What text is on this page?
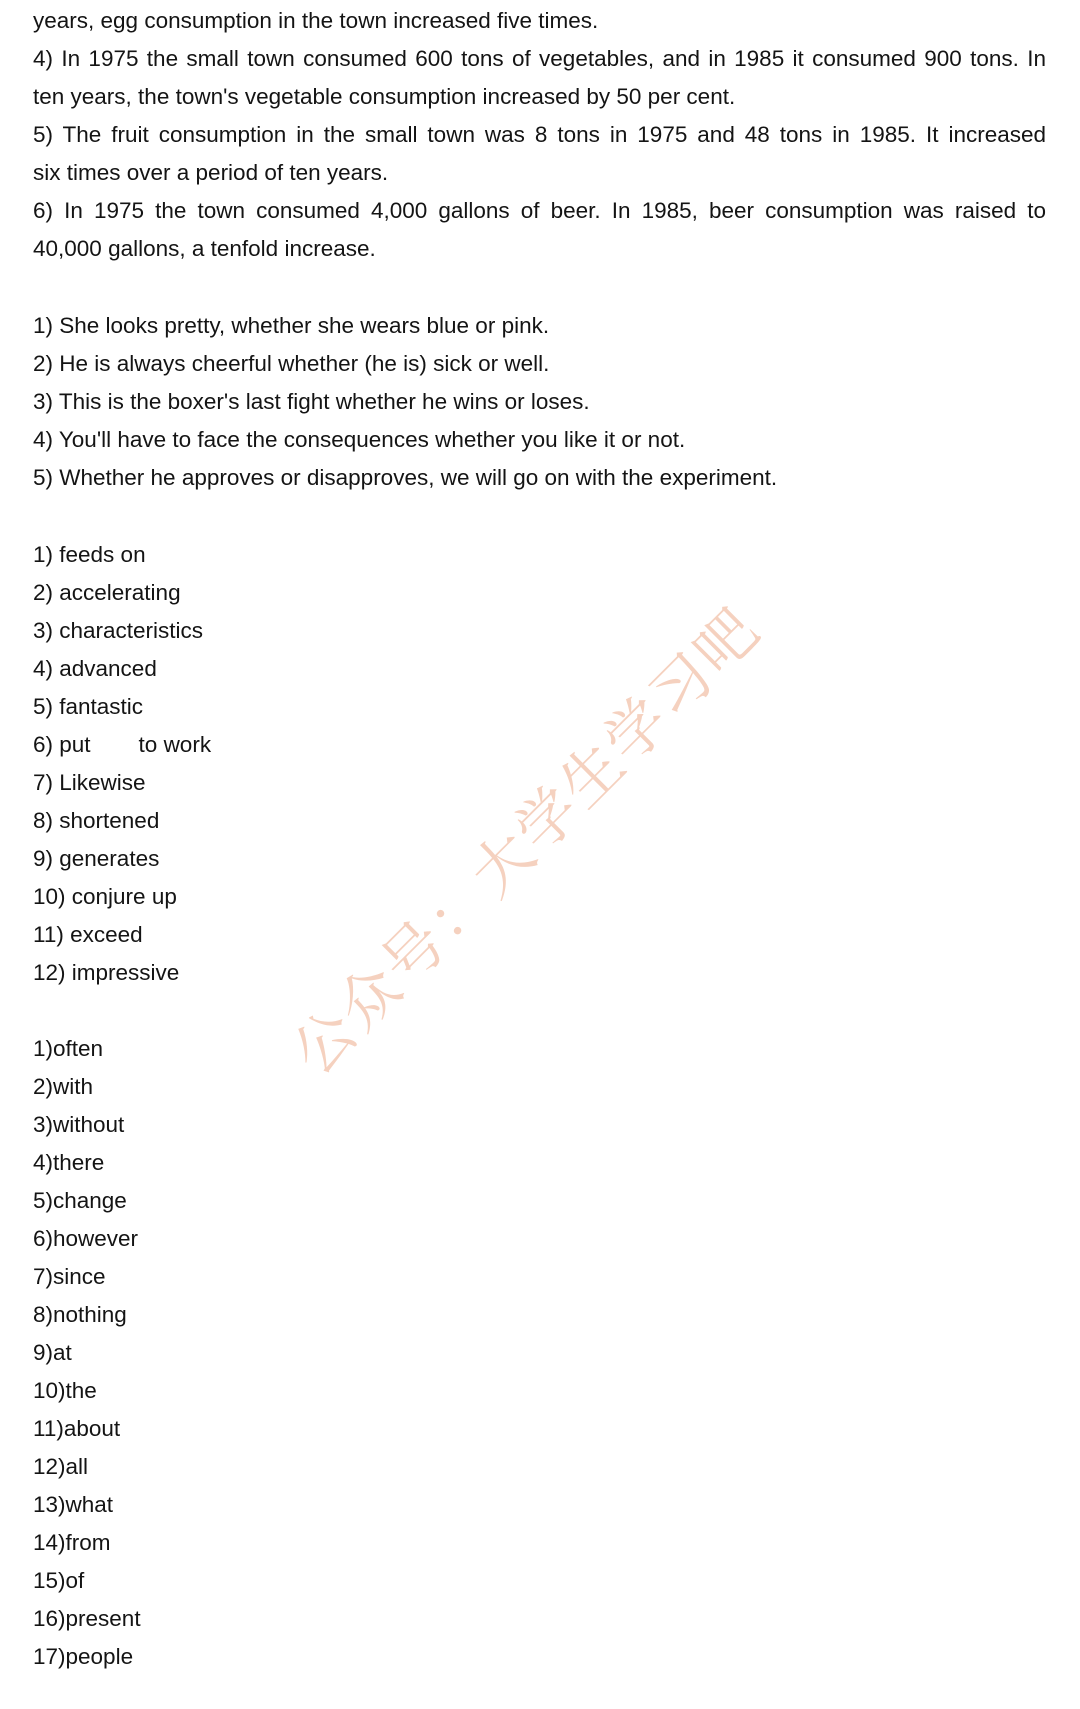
years, egg consumption in the town increased five times.
4) In 1975 the small town consumed 600 tons of vegetables, and in 1985 it consumed 900 tons. In
ten years, the town's vegetable consumption increased by 50 per cent.
5) The fruit consumption in the small town was 8 tons in 1975 and 48 tons in 1985. It increased
six times over a period of ten years.
6) In 1975 the town consumed 4,000 gallons of beer. In 1985, beer consumption was raised to
40,000 gallons, a tenfold increase.
1) She looks pretty, whether she wears blue or pink.
2) He is always cheerful whether (he is) sick or well.
3) This is the boxer's last fight whether he wins or loses.
4) You'll have to face the consequences whether you like it or not.
5) Whether he approves or disapproves, we will go on with the experiment.
1) feeds on
2) accelerating
3) characteristics
4) advanced
5) fantastic
6) put to work
7) Likewise
8) shortened
9) generates
10) conjure up
11) exceed
12) impressive
1)often
2)with
3)without
4)there
5)change
6)however
7)since
8)nothing
9)at
10)the
11)about
12)all
13)what
14)from
15)of
16)present
17)people
公众号：大学生学习吧
